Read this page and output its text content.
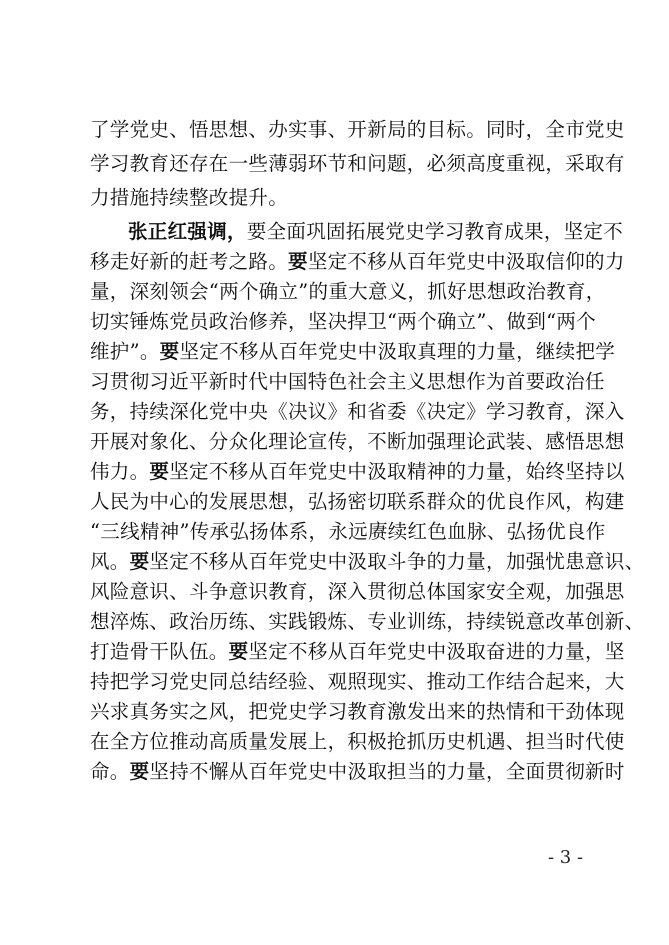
了学党史、悟思想、办实事、开新局的目标。同时，全市党史
学习教育还存在一些薄弱环节和问题，必须高度重视，采取有
力措施持续整改提升。
张正红强调，要全面巩固拓展党史学习教育成果，坚定不
移走好新的赶考之路。要坚定不移从百年党史中汲取信仰的力
量，深刻领会“两个确立”的重大意义，抓好思想政治教育，
切实锤炼党员政治修养，坚决捍卫“两个确立”、做到“两个
维护”。要坚定不移从百年党史中汲取真理的力量，继续把学
习贯彻习近平新时代中国特色社会主义思想作为首要政治任
务，持续深化党中央《决议》和省委《决定》学习教育，深入
开展对象化、分众化理论宣传，不断加强理论武装、感悟思想
伟力。要坚定不移从百年党史中汲取精神的力量，始终坚持以
人民为中心的发展思想，弘扬密切联系群众的优良作风，构建
“三线精神”传承弘扬体系，永远赓续红色血脉、弘扬优良作
风。要坚定不移从百年党史中汲取斗争的力量，加强忧患意识、
风险意识、斗争意识教育，深入贯彻总体国家安全观，加强思
想淬炼、政治历练、实践锻炼、专业训练，持续锐意改革创新、
打造骨干队伍。要坚定不移从百年党史中汲取奋进的力量，坚
持把学习党史同总结经验、观照现实、推动工作结合起来，大
兴求真务实之风，把党史学习教育激发出来的热情和干劲体现
在全方位推动高质量发展上，积极抢抓历史机遇、担当时代使
命。要坚持不懈从百年党史中汲取担当的力量，全面贯彻新时
- 3 -
